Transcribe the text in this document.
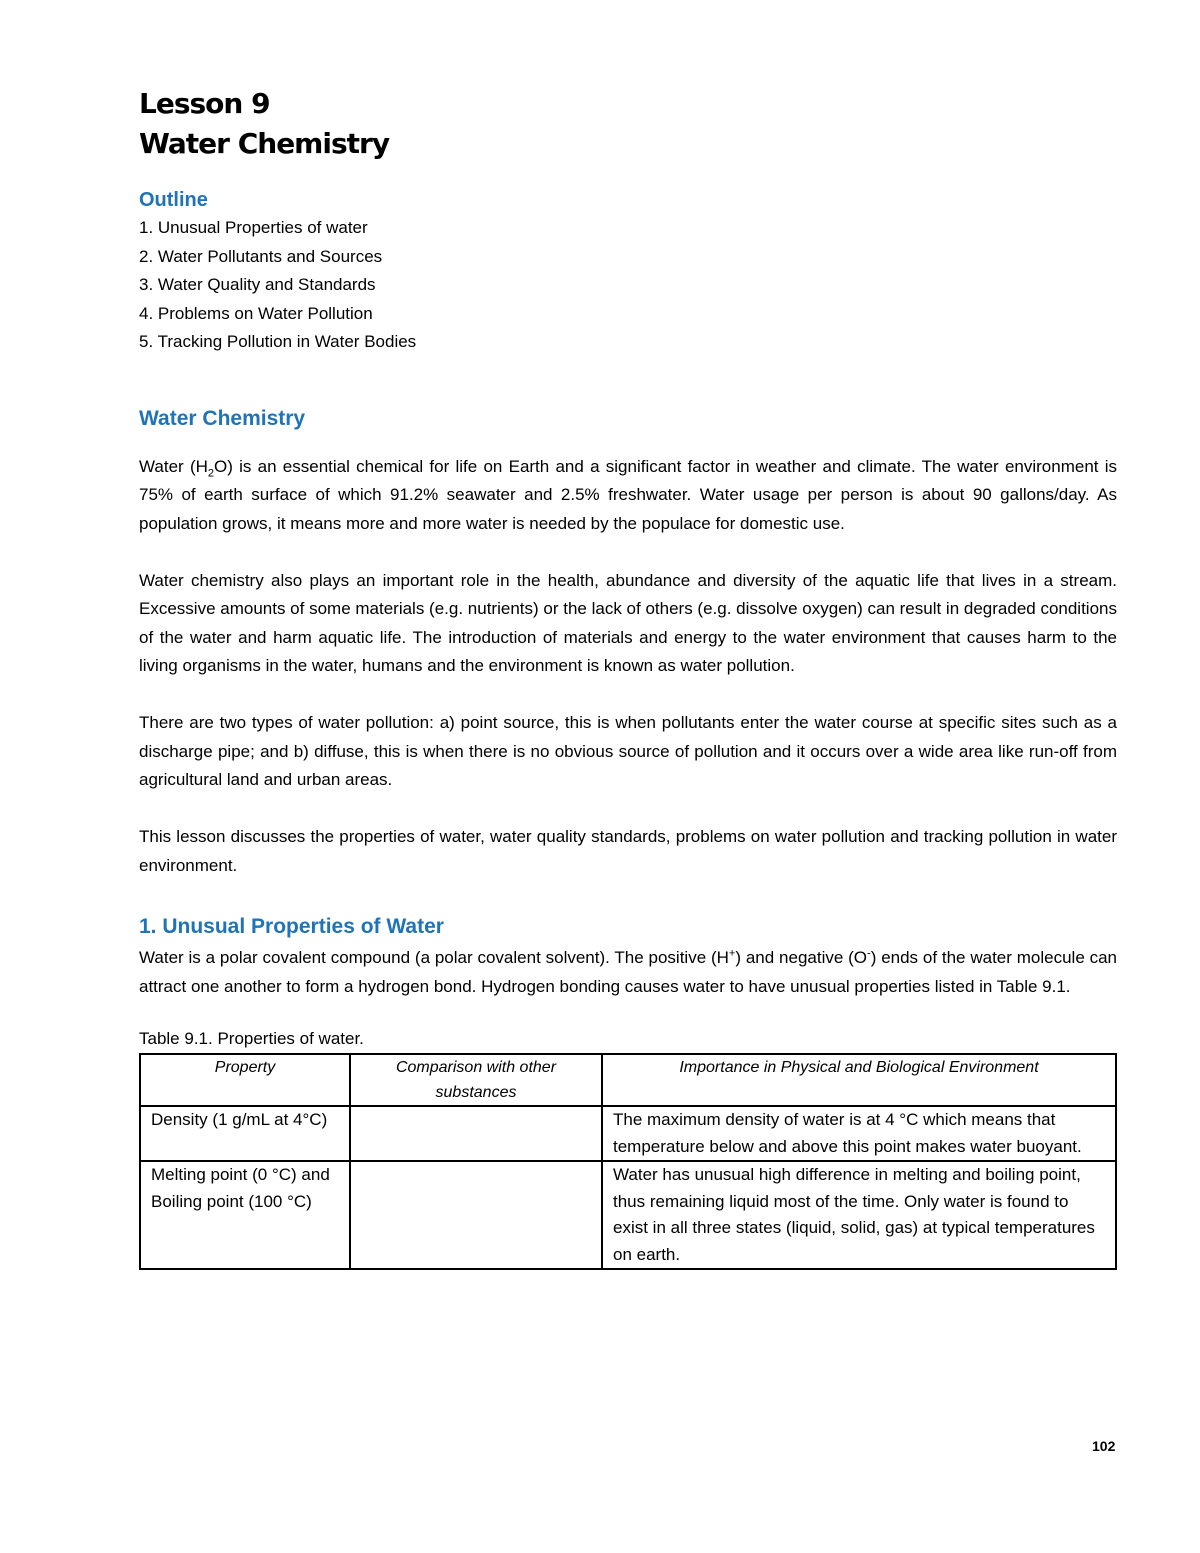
Lesson 9
Water Chemistry
Outline
1. Unusual Properties of water
2. Water Pollutants and Sources
3. Water Quality and Standards
4. Problems on Water Pollution
5. Tracking Pollution in Water Bodies
Water Chemistry

Water $(H_2O)$ is an essential chemical for life on Earth and a significant factor in weather and climate. The water environment is 75% of earth surface of which 91.2% seawater and 2.5% freshwater. Water usage per person is about 90 gallons/day. As population grows, it means more and more water is needed by the populace for domestic use.

Water chemistry also plays an important role in the health, abundance and diversity of the aquatic life that lives in a stream. Excessive amounts of some materials (e.g. nutrients) or the lack of others (e.g. dissolve oxygen) can result in degraded conditions of the water and harm aquatic life. The introduction of materials and energy to the water environment that causes harm to the living organisms in the water, humans and the environment is known as water pollution.

There are two types of water pollution: a) point source, this is when pollutants enter the water course at specific sites such as a discharge pipe; and b) diffuse, this is when there is no obvious source of pollution and it occurs over a wide area like run-off from agricultural land and urban areas.

This lesson discusses the properties of water, water quality standards, problems on water pollution and tracking pollution in water environment.

1. Unusual Properties of Water

Water is a polar covalent compound (a polar covalent solvent). The positive (H+) and negative (O-) ends of the water molecule can attract one another to form a hydrogen bond. Hydrogen bonding causes water to have unusual properties listed in Table 9.1.

Table 9.1. Properties of water.
Property	Comparison with other substances	Importance in Physical and Biological Environment
Density (1 g/mL at 4°C)		The maximum density of water is at 4 °C which means that temperature below and above this point makes water buoyant.
Melting point (0 °C) and Boiling point (100 °C)		Water has unusual high difference in melting and boiling point, thus remaining liquid most of the time. Only water is found to exist in all three states (liquid, solid, gas) at typical temperatures on earth.
102
